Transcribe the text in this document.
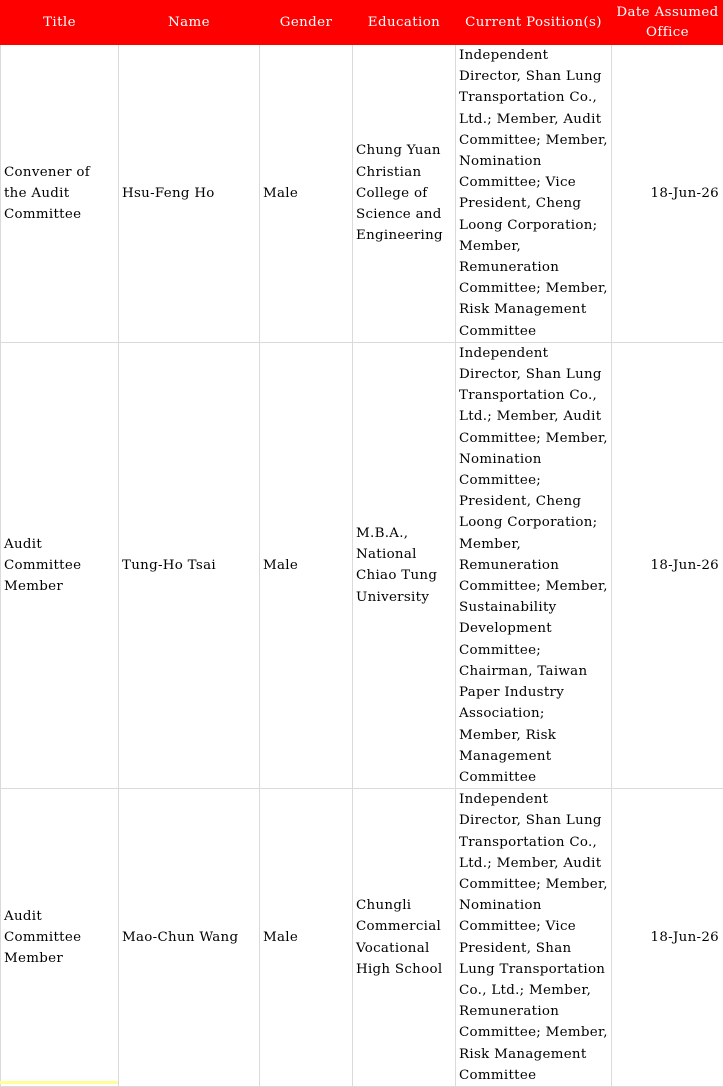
Title	Name	Gender	Education	Current Position(s)	Date Assumed Office
Convener of the Audit Committee	Hsu-Feng Ho	Male	Chung Yuan Christian College of Science and Engineering	Independent Director, Shan Lung Transportation Co., Ltd.; Member, Audit Committee; Member, Nomination Committee; Vice President, Cheng Loong Corporation; Member, Remuneration Committee; Member, Risk Management Committee	18-Jun-26
Audit Committee Member	Tung-Ho Tsai	Male	M.B.A., National Chiao Tung University	Independent Director, Shan Lung Transportation Co., Ltd.; Member, Audit Committee; Member, Nomination Committee; President, Cheng Loong Corporation; Member, Remuneration Committee; Member, Sustainability Development Committee; Chairman, Taiwan Paper Industry Association; Member, Risk Management Committee	18-Jun-26
Audit Committee Member	Mao-Chun Wang	Male	Chungli Commercial Vocational High School	Independent Director, Shan Lung Transportation Co., Ltd.; Member, Audit Committee; Member, Nomination Committee; Vice President, Shan Lung Transportation Co., Ltd.; Member, Remuneration Committee; Member, Risk Management Committee	18-Jun-26
